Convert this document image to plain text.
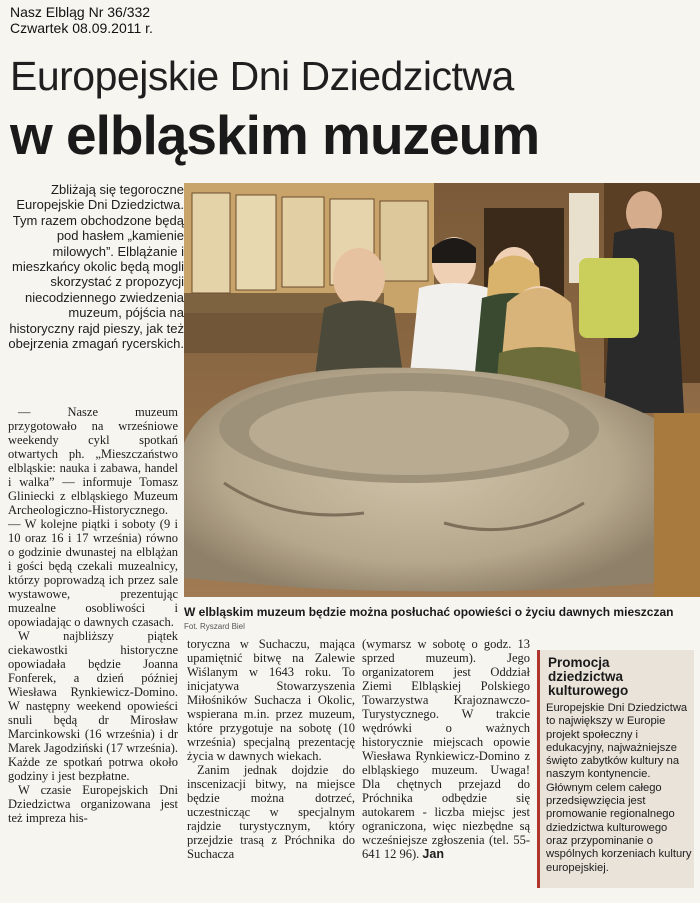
Nasz Elbląg Nr 36/332
Czwartek 08.09.2011 r.
Europejskie Dni Dziedzictwa
w elbląskim muzeum

Zbliżają się tegoroczne Europejskie Dni Dziedzictwa. Tym razem obchodzone będą pod hasłem „kamienie milowych”. Elblążanie i mieszkańcy okolic będą mogli skorzystać z propozycji niecodziennego zwiedzenia muzeum, pójścia na historyczny rajd pieszy, jak też obejrzenia zmagań rycerskich.

W elbląskim muzeum będzie można posłuchać opowieści o życiu dawnych mieszczan
Fot. Ryszard Biel

— Nasze muzeum przygotowało na wrześniowe weekendy cykl spotkań otwartych ph. „Mieszczaństwo elbląskie: nauka i zabawa, handel i walka” — informuje Tomasz Gliniecki z elbląskiego Muzeum Archeologiczno-Historycznego. — W kolejne piątki i soboty (9 i 10 oraz 16 i 17 września) równo o godzinie dwunastej na elblążan i gości będą czekali muzealnicy, którzy poprowadzą ich przez sale wystawowe, prezentując muzealne osobliwości i opowiadając o dawnych czasach.

W najbliższy piątek ciekawostki historyczne opowiadała będzie Joanna Fonferek, a dzień później Wiesława Rynkiewicz-Domino. W następny weekend opowieści snuli będą dr Mirosław Marcinkowski (16 września) i dr Marek Jagodziński (17 września). Każde ze spotkań potrwa około godziny i jest bezpłatne.

W czasie Europejskich Dni Dziedzictwa organizowana jest też impreza his-

toryczna w Suchaczu, mająca upamiętnić bitwę na Zalewie Wiślanym w 1643 roku. To inicjatywa Stowarzyszenia Miłośników Suchacza i Okolic, wspierana m.in. przez muzeum, które przygotuje na sobotę (10 września) specjalną prezentację życia w dawnych wiekach.

Zanim jednak dojdzie do inscenizacji bitwy, na miejsce będzie można dotrzeć, uczestnicząc w specjalnym rajdzie turystycznym, który przejdzie trasą z Próchnika do Suchacza

(wymarsz w sobotę o godz. 13 sprzed muzeum). Jego organizatorem jest Oddział Ziemi Elbląskiej Polskiego Towarzystwa Krajoznawczo-Turystycznego. W trakcie wędrówki o ważnych historycznie miejscach opowie Wiesława Rynkiewicz-Domino z elbląskiego muzeum. Uwaga! Dla chętnych przejazd do Próchnika odbędzie się autokarem - liczba miejsc jest ograniczona, więc niezbędne są wcześniejsze zgłoszenia (tel. 55-641 12 96). Jan

Promocja dziedzictwa kulturowego
Europejskie Dni Dziedzictwa to największy w Europie projekt społeczny i edukacyjny, najważniejsze święto zabytków kultury na naszym kontynencie. Głównym celem całego przedsięwzięcia jest promowanie regionalnego dziedzictwa kulturowego oraz przypominanie o wspólnych korzeniach kultury europejskiej.
